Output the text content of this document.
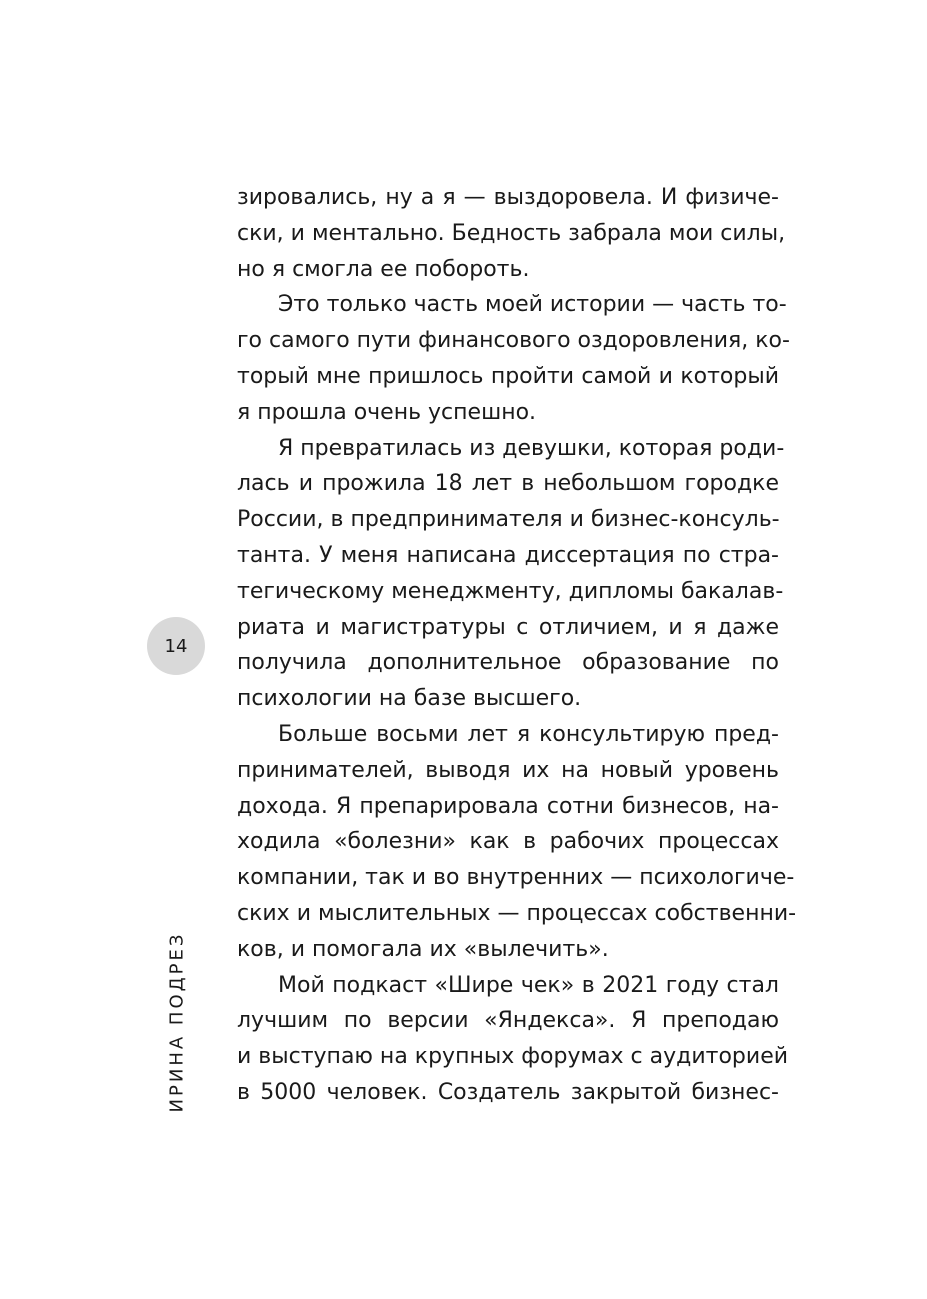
зировались, ну а я — выздоровела. И физиче-
ски, и ментально. Бедность забрала мои силы,
но я смогла ее побороть.
Это только часть моей истории — часть то-
го самого пути финансового оздоровления, ко-
торый мне пришлось пройти самой и который
я прошла очень успешно.
Я превратилась из девушки, которая роди-
лась и прожила 18 лет в небольшом городке
России, в предпринимателя и бизнес-консуль-
танта. У меня написана диссертация по стра-
тегическому менеджменту, дипломы бакалав-
риата и магистратуры с отличием, и я даже
получила дополнительное образование по
психологии на базе высшего.
Больше восьми лет я консультирую пред-
принимателей, выводя их на новый уровень
дохода. Я препарировала сотни бизнесов, на-
ходила «болезни» как в рабочих процессах
компании, так и во внутренних — психологиче-
ских и мыслительных — процессах собственни-
ков, и помогала их «вылечить».
Мой подкаст «Шире чек» в 2021 году стал
лучшим по версии «Яндекса». Я преподаю
и выступаю на крупных форумах с аудиторией
в 5000 человек. Создатель закрытой бизнес-
14
ИРИНА ПОДРЕЗ
